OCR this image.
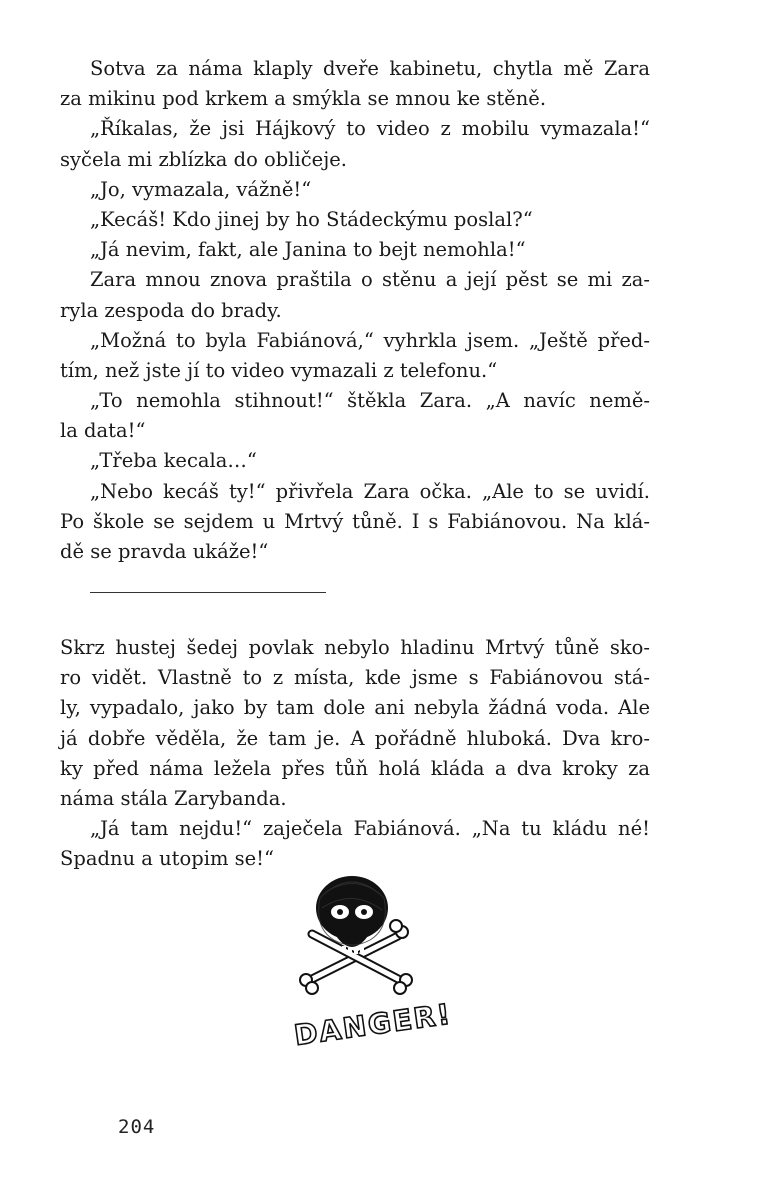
Sotva za náma klaply dveře kabinetu, chytla mě Zara
za mikinu pod krkem a smýkla se mnou ke stěně.
„Říkalas, že jsi Hájkový to video z mobilu vymazala!“
syčela mi zblízka do obličeje.
„Jo, vymazala, vážně!“
„Kecáš! Kdo jinej by ho Stádeckýmu poslal?“
„Já nevim, fakt, ale Janina to bejt nemohla!“
Zara mnou znova praštila o stěnu a její pěst se mi za-
ryla zespoda do brady.
„Možná to byla Fabiánová,“ vyhrkla jsem. „Ještě před-
tím, než jste jí to video vymazali z telefonu.“
„To nemohla stihnout!“ štěkla Zara. „A navíc nemě-
la data!“
„Třeba kecala…“
„Nebo kecáš ty!“ přivřela Zara očka. „Ale to se uvidí.
Po škole se sejdem u Mrtvý tůně. I s Fabiánovou. Na klá-
dě se pravda ukáže!“
Skrz hustej šedej povlak nebylo hladinu Mrtvý tůně sko-
ro vidět. Vlastně to z místa, kde jsme s Fabiánovou stá-
ly, vypadalo, jako by tam dole ani nebyla žádná voda. Ale
já dobře věděla, že tam je. A pořádně hluboká. Dva kro-
ky před náma ležela přes tůň holá kláda a dva kroky za
náma stála Zarybanda.
„Já tam nejdu!“ zaječela Fabiánová. „Na tu kládu né!
Spadnu a utopim se!“
DANGER!
204
